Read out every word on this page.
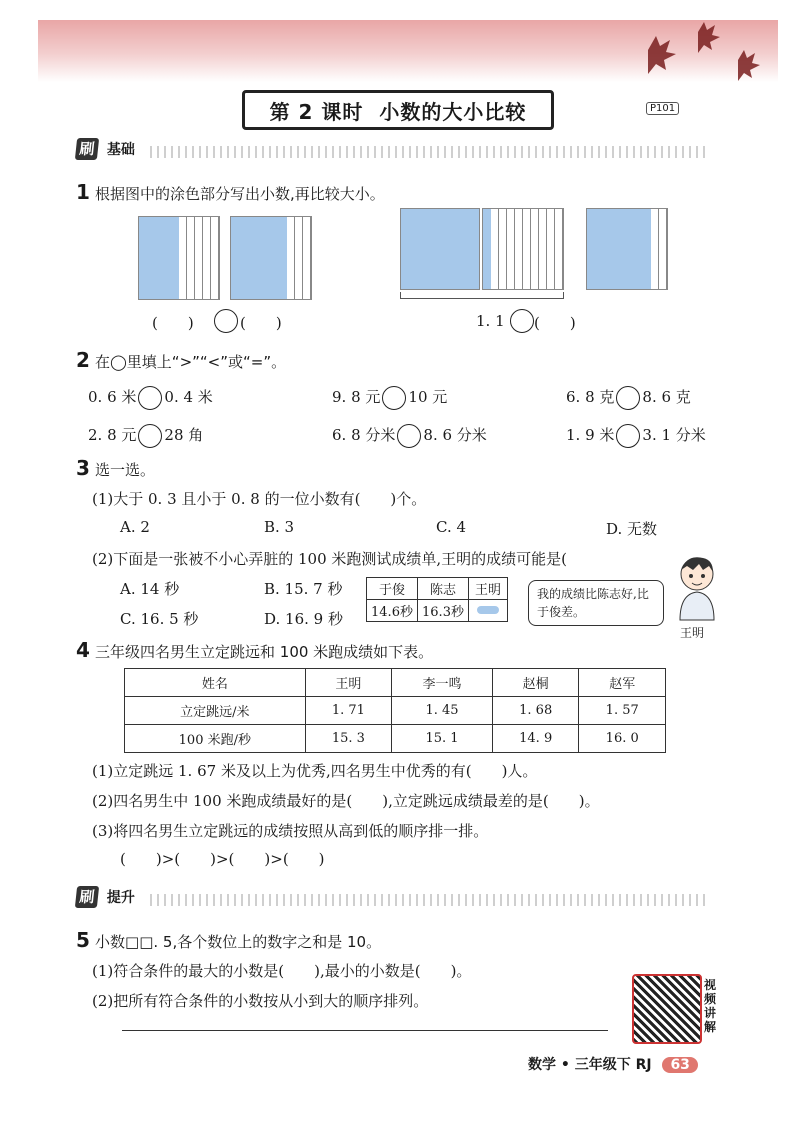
第 2 课时 小数的大小比较	P101
刷 基础
1 根据图中的涂色部分写出小数,再比较大小。
(　　)	(　　)	1. 1 (　　)
2 在◯里填上“>”“<”或“=”。
0. 6 米 0. 4 米	9. 8 元 10 元	6. 8 克 8. 6 克
2. 8 元 28 角	6. 8 分米 8. 6 分米	1. 9 米 3. 1 分米
3 选一选。
(1)大于 0. 3 且小于 0. 8 的一位小数有(　　)个。
A. 2	B. 3	C. 4	D. 无数
(2)下面是一张被不小心弄脏的 100 米跑测试成绩单,王明的成绩可能是(
A. 14 秒	B. 15. 7 秒
C. 16. 5 秒	D. 16. 9 秒
于俊	陈志	王明
14.6秒	16.3秒	
我的成绩比陈志好,比于俊差。
王明
4 三年级四名男生立定跳远和 100 米跑成绩如下表。
姓名	王明	李一鸣	赵桐	赵军
立定跳远/米	1. 71	1. 45	1. 68	1. 57
100 米跑/秒	15. 3	15. 1	14. 9	16. 0
(1)立定跳远 1. 67 米及以上为优秀,四名男生中优秀的有(　　)人。
(2)四名男生中 100 米跑成绩最好的是(　　),立定跳远成绩最差的是(　　)。
(3)将四名男生立定跳远的成绩按照从高到低的顺序排一排。
(　　)>(　　)>(　　)>(　　)
刷 提升
5 小数□□. 5,各个数位上的数字之和是 10。
(1)符合条件的最大的小数是(　　),最小的小数是(　　)。
(2)把所有符合条件的小数按从小到大的顺序排列。
视频讲解
数学 • 三年级下 RJ 63
